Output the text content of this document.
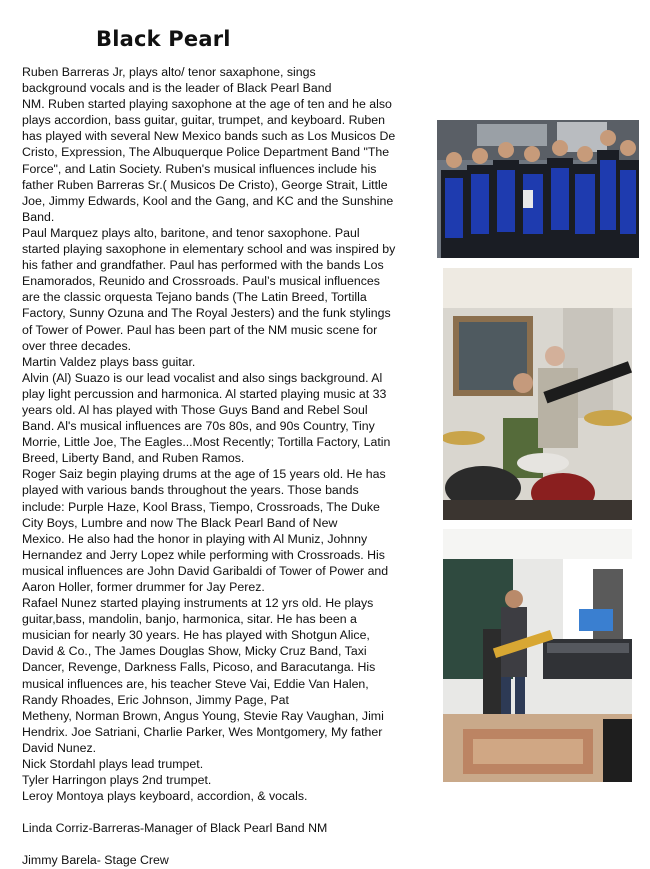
Black Pearl
Ruben Barreras Jr, plays alto/ tenor saxaphone, sings
background vocals and is the leader of Black Pearl Band
NM. Ruben started playing saxophone at the age of ten and he also
plays accordion, bass guitar, guitar, trumpet, and keyboard. Ruben
has played with several New Mexico bands such as Los Musicos De
Cristo, Expression, The Albuquerque Police Department Band "The
Force", and Latin Society. Ruben's musical influences include his
father Ruben Barreras Sr.( Musicos De Cristo), George Strait, Little
Joe, Jimmy Edwards, Kool and the Gang, and KC and the Sunshine
Band.
Paul Marquez plays alto, baritone, and tenor saxophone. Paul
started playing saxophone in elementary school and was inspired by
his father and grandfather. Paul has performed with the bands Los
Enamorados, Reunido and Crossroads. Paul’s musical influences
are the classic orquesta Tejano bands (The Latin Breed, Tortilla
Factory, Sunny Ozuna and The Royal Jesters) and the funk stylings
of Tower of Power. Paul has been part of the NM music scene for
over three decades.
Martin Valdez plays bass guitar.
Alvin (Al) Suazo is our lead vocalist and also sings background. Al
play light percussion and harmonica. Al started playing music at 33
years old. Al has played with Those Guys Band and Rebel Soul
Band. Al's musical influences are 70s 80s, and 90s Country, Tiny
Morrie, Little Joe, The Eagles...Most Recently; Tortilla Factory, Latin
Breed, Liberty Band, and Ruben Ramos.
Roger Saiz begin playing drums at the age of 15 years old. He has
played with various bands throughout the years. Those bands
include: Purple Haze, Kool Brass, Tiempo, Crossroads, The Duke
City Boys, Lumbre and now The Black Pearl Band of New
Mexico. He also had the honor in playing with Al Muniz, Johnny
Hernandez and Jerry Lopez while performing with Crossroads. His
musical influences are John David Garibaldi of Tower of Power and
Aaron Holler, former drummer for Jay Perez.
Rafael Nunez started playing instruments at 12 yrs old. He plays
guitar,bass, mandolin, banjo, harmonica, sitar. He has been a
musician for nearly 30 years. He has played with Shotgun Alice,
David & Co., The James Douglas Show, Micky Cruz Band, Taxi
Dancer, Revenge, Darkness Falls, Picoso, and Baracutanga. His
musical influences are, his teacher Steve Vai, Eddie Van Halen,
Randy Rhoades, Eric Johnson, Jimmy Page, Pat
Metheny, Norman Brown, Angus Young, Stevie Ray Vaughan, Jimi
Hendrix. Joe Satriani, Charlie Parker, Wes Montgomery, My father
David Nunez.
Nick Stordahl plays lead trumpet.
Tyler Harringon plays 2nd trumpet.
Leroy Montoya plays keyboard, accordion, & vocals.
Linda Corriz-Barreras-Manager of Black Pearl Band NM
Jimmy Barela- Stage Crew
